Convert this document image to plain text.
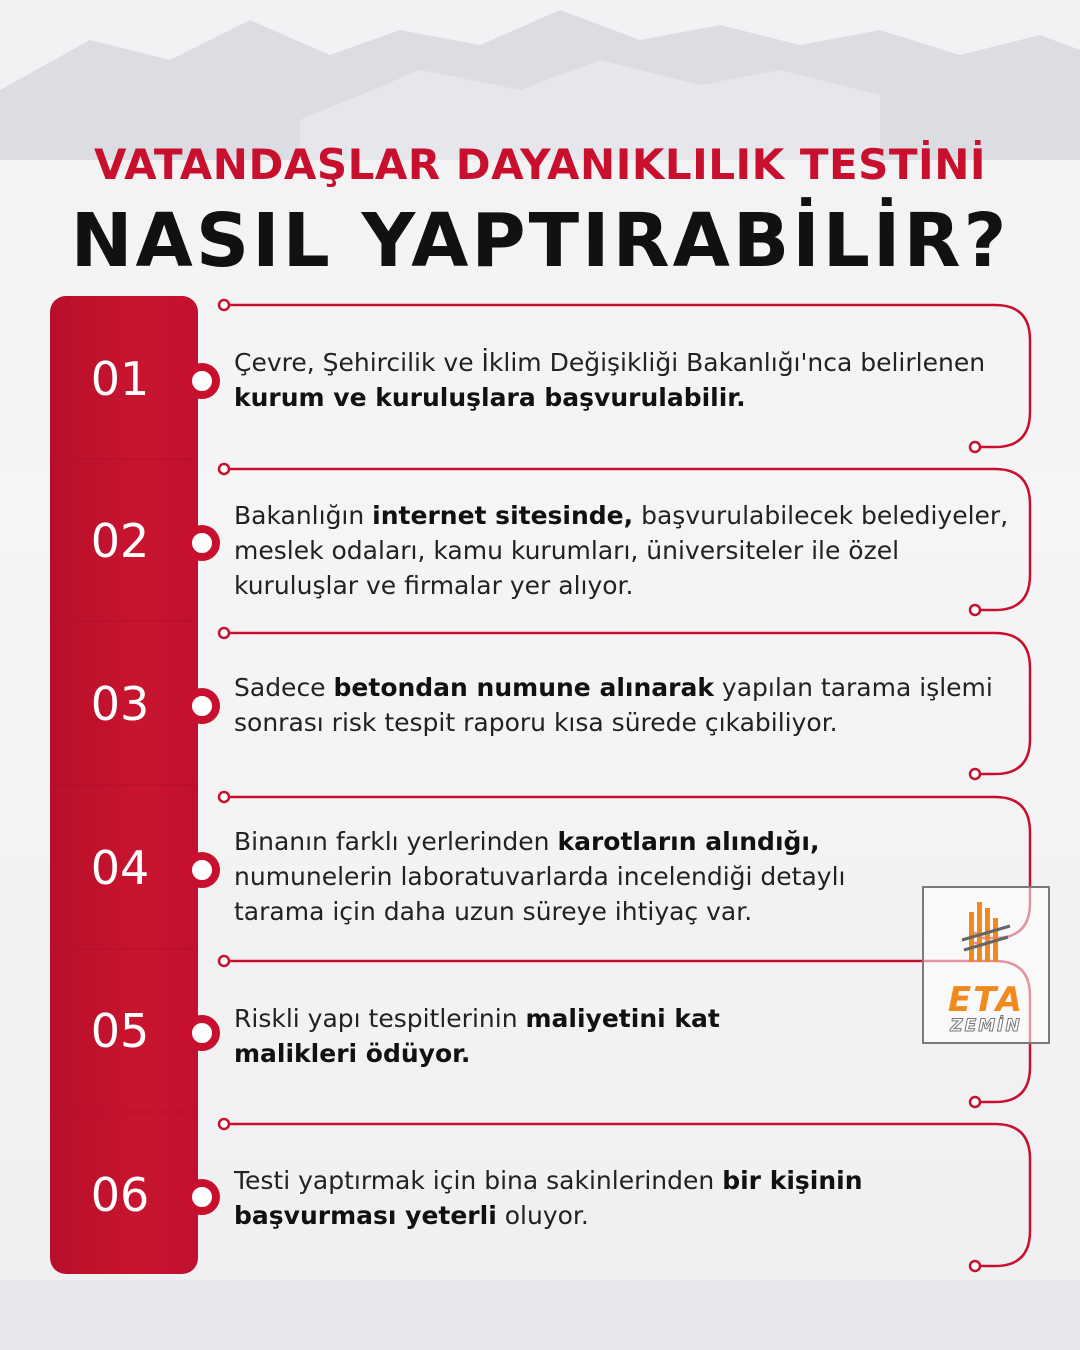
VATANDAŞLAR DAYANIKLILIK TESTİNİ
NASIL YAPTIRABİLİR?
01	Çevre, Şehircilik ve İklim Değişikliği Bakanlığı'nca belirlenen kurum ve kuruluşlara başvurulabilir.
02	Bakanlığın internet sitesinde, başvurulabilecek belediyeler, meslek odaları, kamu kurumları, üniversiteler ile özel kuruluşlar ve firmalar yer alıyor.
03	Sadece betondan numune alınarak yapılan tarama işlemi sonrası risk tespit raporu kısa sürede çıkabiliyor.
04	Binanın farklı yerlerinden karotların alındığı, numunelerin laboratuvarlarda incelendiği detaylı tarama için daha uzun süreye ihtiyaç var.
05	Riskli yapı tespitlerinin maliyetini kat malikleri ödüyor.
06	Testi yaptırmak için bina sakinlerinden bir kişinin başvurması yeterli oluyor.
ETA
ZEMİN
